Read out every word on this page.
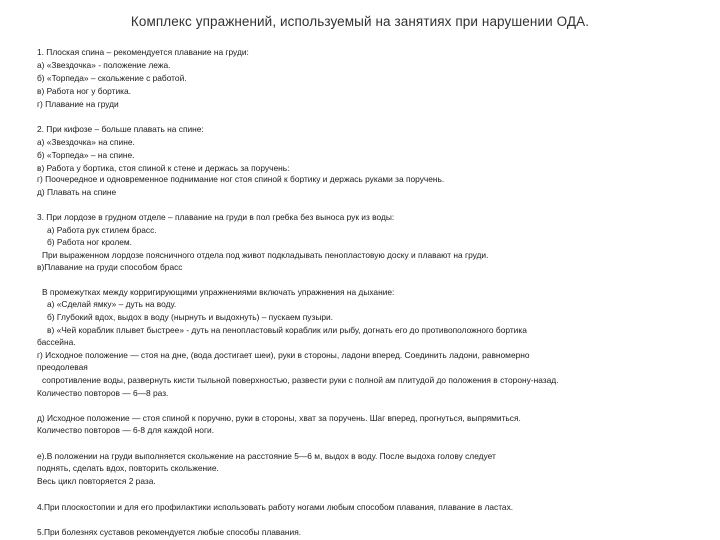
Комплекс упражнений, используемый на занятиях при нарушении ОДА.
1. Плоская спина – рекомендуется плавание на груди:
а) «Звездочка» - положение лежа.
б) «Торпеда» – скольжение с работой.
в) Работа ног у бортика.
г) Плавание на груди
2. При кифозе – больше плавать на спине:
а) «Звездочка» на спине.
б) «Торпеда» – на спине.
в) Работа у бортика, стоя спиной к стене и держась за поручень:
г) Поочередное и одновременное поднимание ног стоя спиной к бортику и держась руками за поручень.
д) Плавать на спине
3. При лордозе в грудном отделе – плавание на груди в пол гребка без выноса рук из воды:
а) Работа рук стилем брасс.
б) Работа ног кролем.
При выраженном лордозе поясничного отдела под живот подкладывать пенопластовую доску и плавают на груди.
в)Плавание на груди способом брасс
В промежутках между корригирующими упражнениями включать упражнения на дыхание:
а) «Сделай ямку» – дуть на воду.
б) Глубокий вдох, выдох в воду (нырнуть и выдохнуть) – пускаем пузыри.
в) «Чей кораблик плывет быстрее» - дуть на пенопластовый кораблик или рыбу, догнать его до противоположного бортика
бассейна.
г) Исходное положение — стоя на дне, (вода достигает шеи), руки в стороны, ладони вперед. Соединить ладони, равномерно
преодолевая
сопротивление воды, развернуть кисти тыльной поверхностью, развести руки с полной ам плитудой до положения в сторону-назад.
Количество повторов — 6—8 раз.
д) Исходное положение — стоя спиной к поручню, руки в стороны, хват за поручень. Шаг вперед, прогнуться, выпрямиться.
Количество повторов — 6-8 для каждой ноги.
е).В положении на груди выполняется скольжение на расстояние 5—6 м, выдох в воду. После выдоха голову следует
поднять, сделать вдох, повторить скольжение.
Весь цикл повторяется 2 раза.
4.При плоскостопии и для его профилактики использовать работу ногами любым способом плавания, плавание в ластах.
5.При болезнях суставов рекомендуется любые способы плавания.
